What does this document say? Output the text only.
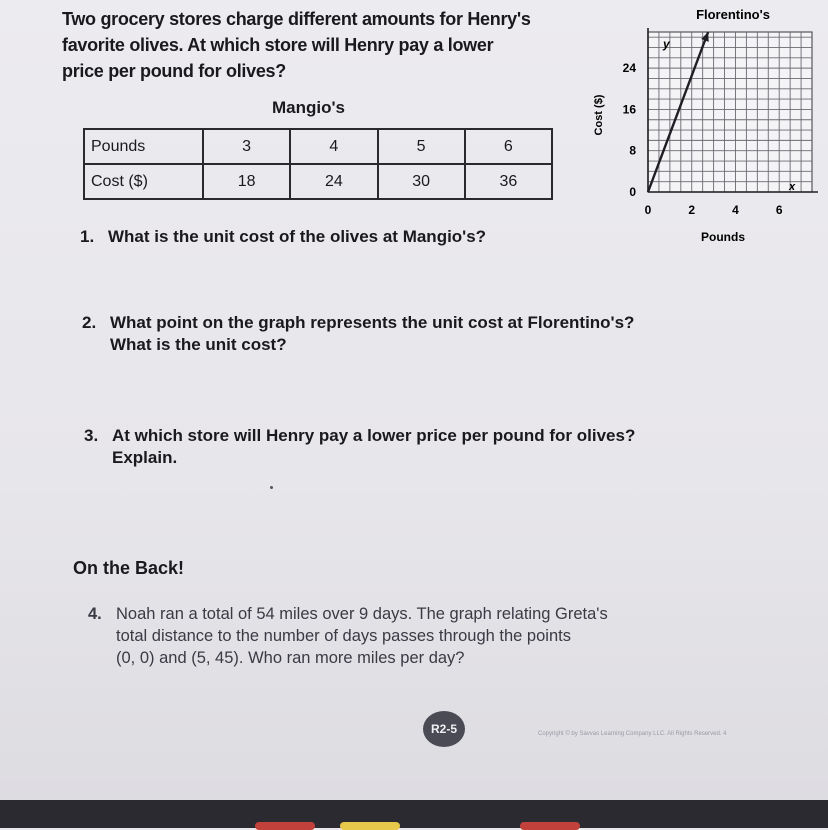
Two grocery stores charge different amounts for Henry's favorite olives. At which store will Henry pay a lower price per pound for olives?
Mangio's
Pounds	3	4	5	6
Cost ($)	18	24	30	36
Florentino's
0	2	4	6
0
8
16
24
Cost ($)
Pounds
y
x
1. What is the unit cost of the olives at Mangio's?
2. What point on the graph represents the unit cost at Florentino's?
What is the unit cost?
3. At which store will Henry pay a lower price per pound for olives?
Explain.
On the Back!
4. Noah ran a total of 54 miles over 9 days. The graph relating Greta's
total distance to the number of days passes through the points
(0, 0) and (5, 45). Who ran more miles per day?
R2-5	Copyright © by Savvas Learning Company LLC. All Rights Reserved. 4
